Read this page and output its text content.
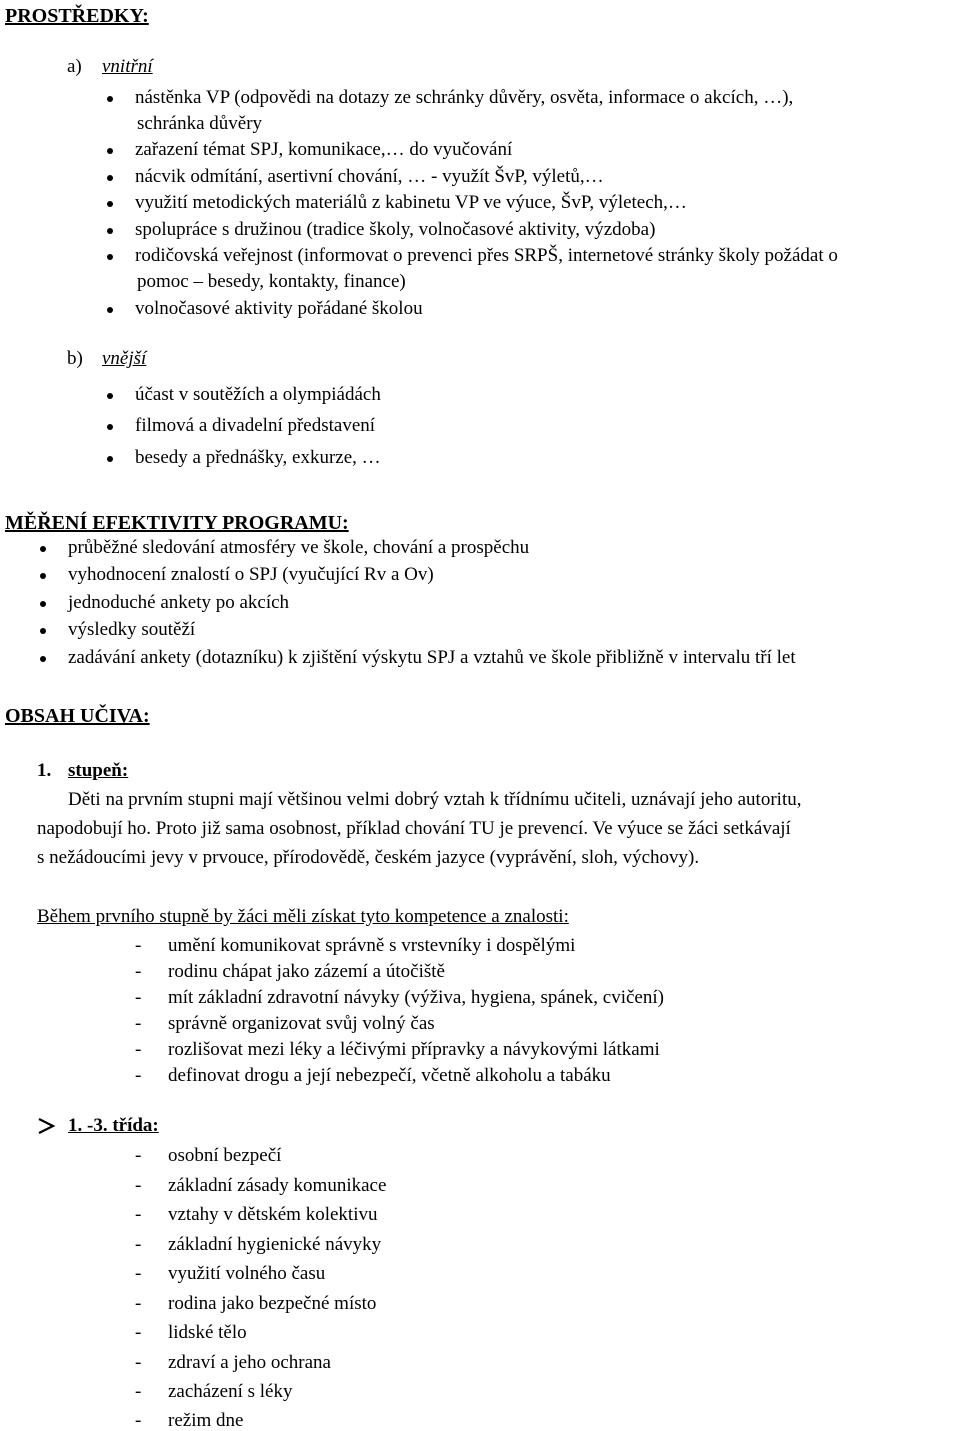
PROSTŘEDKY:
a) vnitřní
nástěnka VP (odpovědi na dotazy ze schránky důvěry, osvěta, informace o akcích, …),
schránka důvěry
zařazení témat SPJ, komunikace,… do vyučování
nácvik odmítání, asertivní chování, … - využít ŠvP, výletů,…
využití metodických materiálů z kabinetu VP ve výuce, ŠvP, výletech,…
spolupráce s družinou (tradice školy, volnočasové aktivity, výzdoba)
rodičovská veřejnost (informovat o prevenci přes SRPŠ, internetové stránky školy požádat o
pomoc – besedy, kontakty, finance)
volnočasové aktivity pořádané školou
b) vnější
účast v soutěžích a olympiádách
filmová a divadelní představení
besedy a přednášky, exkurze, …
MĚŘENÍ EFEKTIVITY PROGRAMU:
průběžné sledování atmosféry ve škole, chování a prospěchu
vyhodnocení znalostí o SPJ (vyučující Rv a Ov)
jednoduché ankety po akcích
výsledky soutěží
zadávání ankety (dotazníku) k zjištění výskytu SPJ a vztahů ve škole přibližně v intervalu tří let
OBSAH UČIVA:
1. stupeň:
Děti na prvním stupni mají většinou velmi dobrý vztah k třídnímu učiteli, uznávají jeho autoritu,
napodobují ho. Proto již sama osobnost, příklad chování TU je prevencí. Ve výuce se žáci setkávají
s nežádoucími jevy v prvouce, přírodovědě, českém jazyce (vyprávění, sloh, výchovy).
Během prvního stupně by žáci měli získat tyto kompetence a znalosti:
- umění komunikovat správně s vrstevníky i dospělými
- rodinu chápat jako zázemí a útočiště
- mít základní zdravotní návyky (výživa, hygiena, spánek, cvičení)
- správně organizovat svůj volný čas
- rozlišovat mezi léky a léčivými přípravky a návykovými látkami
- definovat drogu a její nebezpečí, včetně alkoholu a tabáku
1. -3. třída:
- osobní bezpečí
- základní zásady komunikace
- vztahy v dětském kolektivu
- základní hygienické návyky
- využití volného času
- rodina jako bezpečné místo
- lidské tělo
- zdraví a jeho ochrana
- zacházení s léky
- režim dne
